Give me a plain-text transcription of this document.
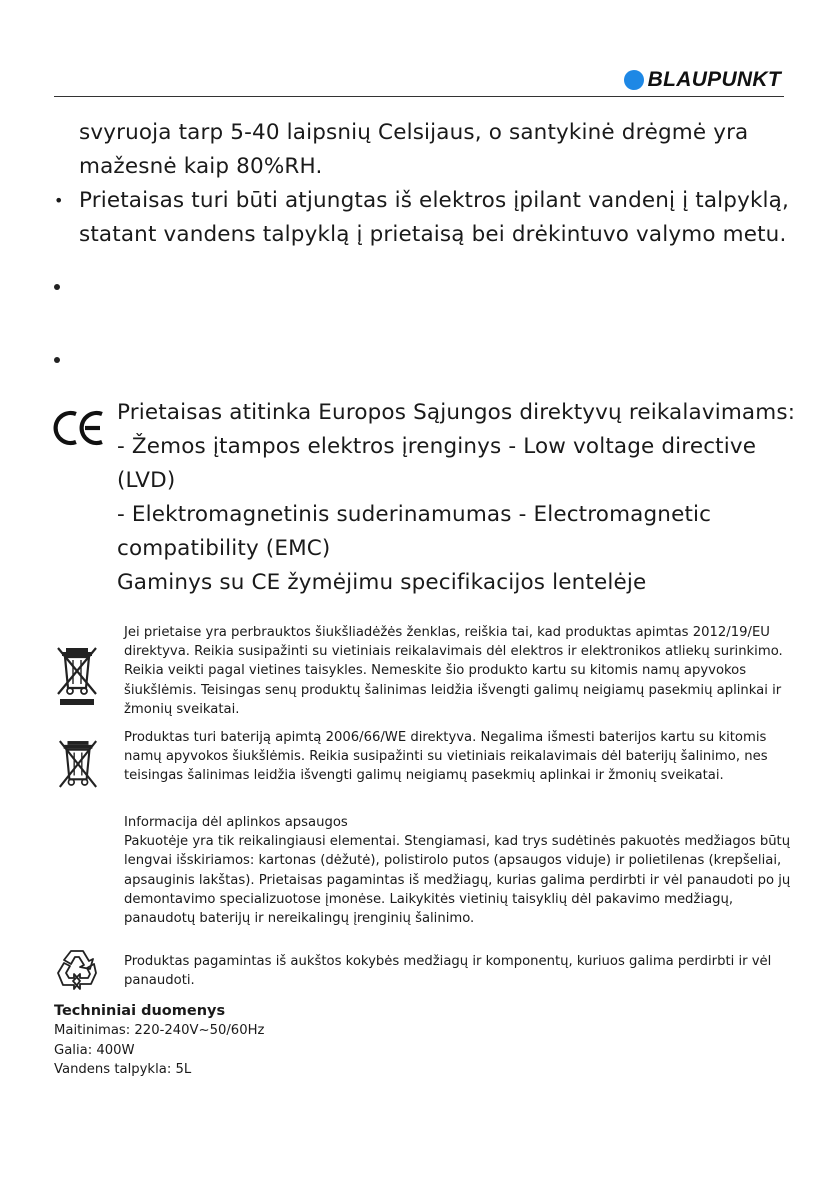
BLAUPUNKT

svyruoja tarp 5-40 laipsnių Celsijaus, o santykinė drėgmė yra mažesnė kaip 80%RH.

• Prietaisas turi būti atjungtas iš elektros įpilant vandenį į talpyklą, statant vandens talpyklą į prietaisą bei drėkintuvo valymo metu.

Prietaisas atitinka Europos Sąjungos direktyvų reikalavimams:

- Žemos įtampos elektros įrenginys - Low voltage directive (LVD)

- Elektromagnetinis suderinamumas - Electromagnetic compatibility (EMC)

Gaminys su CE žymėjimu specifikacijos lentelėje

Jei prietaise yra perbrauktos šiukšliadėžės ženklas, reiškia tai, kad produktas apimtas 2012/19/EU direktyva. Reikia susipažinti su vietiniais reikalavimais dėl elektros ir elektronikos atliekų surinkimo. Reikia veikti pagal vietines taisykles. Nemeskite šio produkto kartu su kitomis namų apyvokos šiukšlėmis. Teisingas senų produktų šalinimas leidžia išvengti galimų neigiamų pasekmių aplinkai ir žmonių sveikatai.

Produktas turi bateriją apimtą 2006/66/WE direktyva. Negalima išmesti baterijos kartu su kitomis namų apyvokos šiukšlėmis. Reikia susipažinti su vietiniais reikalavimais dėl baterijų šalinimo, nes teisingas šalinimas leidžia išvengti galimų neigiamų pasekmių aplinkai ir žmonių sveikatai.

Informacija dėl aplinkos apsaugos

Pakuotėje yra tik reikalingiausi elementai. Stengiamasi, kad trys sudėtinės pakuotės medžiagos būtų lengvai išskiriamos: kartonas (dėžutė), polistirolo putos (apsaugos viduje) ir polietilenas (krepšeliai, apsauginis lakštas). Prietaisas pagamintas iš medžiagų, kurias galima perdirbti ir vėl panaudoti po jų demontavimo specializuotose įmonėse. Laikykitės vietinių taisyklių dėl pakavimo medžiagų, panaudotų baterijų ir nereikalingų įrenginių šalinimo.

Produktas pagamintas iš aukštos kokybės medžiagų ir komponentų, kuriuos galima perdirbti ir vėl panaudoti.

Techniniai duomenys

Maitinimas: 220-240V~50/60Hz

Galia: 400W

Vandens talpykla: 5L
